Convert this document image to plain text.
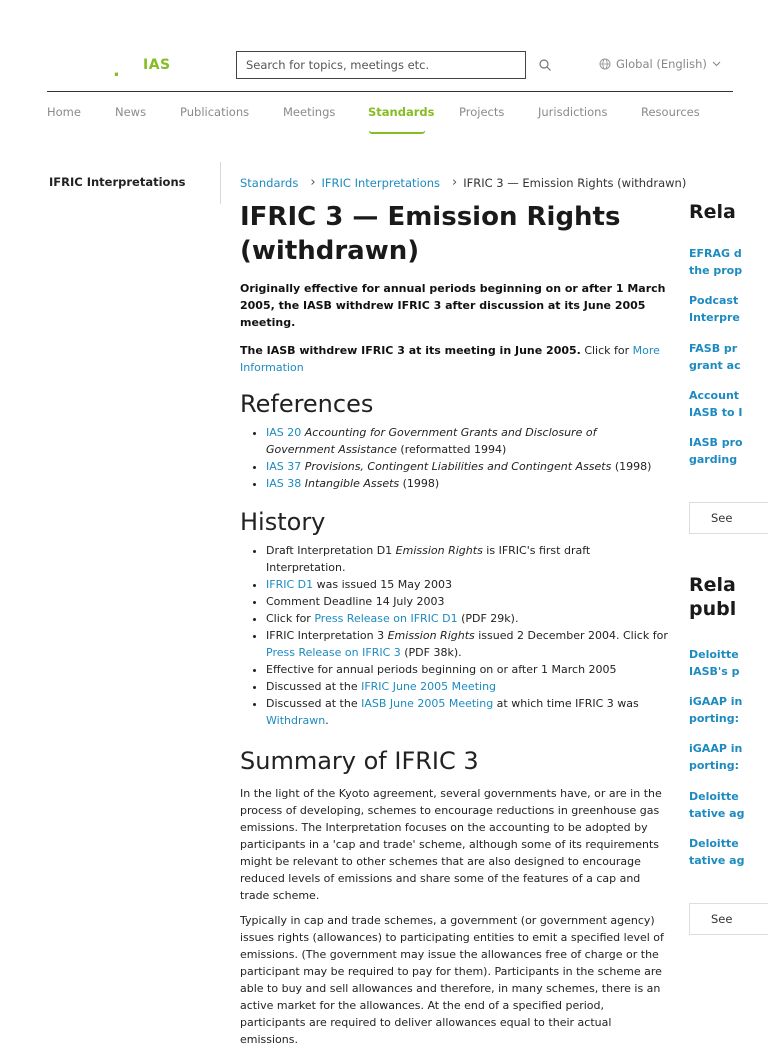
. IAS
Search for topics, meetings etc.	Global (English)
Home	News	Publications	Meetings	Standards Projects	Jurisdictions	Resources
IFRIC Interpretations	Standards › IFRIC Interpretations › IFRIC 3 — Emission Rights (withdrawn)
IFRIC 3 — Emission Rights (withdrawn)

Originally effective for annual periods beginning on or after 1 March 2005, the IASB withdrew IFRIC 3 after discussion at its June 2005 meeting.

The IASB withdrew IFRIC 3 at its meeting in June 2005. Click for More Information

References
• IAS 20 Accounting for Government Grants and Disclosure of Government Assistance (reformatted 1994)
• IAS 37 Provisions, Contingent Liabilities and Contingent Assets (1998)
• IAS 38 Intangible Assets (1998)
History
• Draft Interpretation D1 Emission Rights is IFRIC's first draft Interpretation.
• IFRIC D1 was issued 15 May 2003
• Comment Deadline 14 July 2003
• Click for Press Release on IFRIC D1 (PDF 29k).
• IFRIC Interpretation 3 Emission Rights issued 2 December 2004. Click for Press Release on IFRIC 3 (PDF 38k).
• Effective for annual periods beginning on or after 1 March 2005
• Discussed at the IFRIC June 2005 Meeting
• Discussed at the IASB June 2005 Meeting at which time IFRIC 3 was Withdrawn.
Summary of IFRIC 3

In the light of the Kyoto agreement, several governments have, or are in the process of developing, schemes to encourage reductions in greenhouse gas emissions. The Interpretation focuses on the accounting to be adopted by participants in a 'cap and trade' scheme, although some of its requirements might be relevant to other schemes that are also designed to encourage reduced levels of emissions and share some of the features of a cap and trade scheme.

Typically in cap and trade schemes, a government (or government agency) issues rights (allowances) to participating entities to emit a specified level of emissions. (The government may issue the allowances free of charge or the participant may be required to pay for them). Participants in the scheme are able to buy and sell allowances and therefore, in many schemes, there is an active market for the allowances. At the end of a specified period, participants are required to deliver allowances equal to their actual emissions.

Rela
EFRAG d
the prop
Podcast
Interpre
FASB pr
grant ac
Account
IASB to I
IASB pro
garding
See
Rela
publ
Deloitte
IASB's p
iGAAP in
porting:
iGAAP in
porting:
Deloitte
tative ag
Deloitte
tative ag
See
